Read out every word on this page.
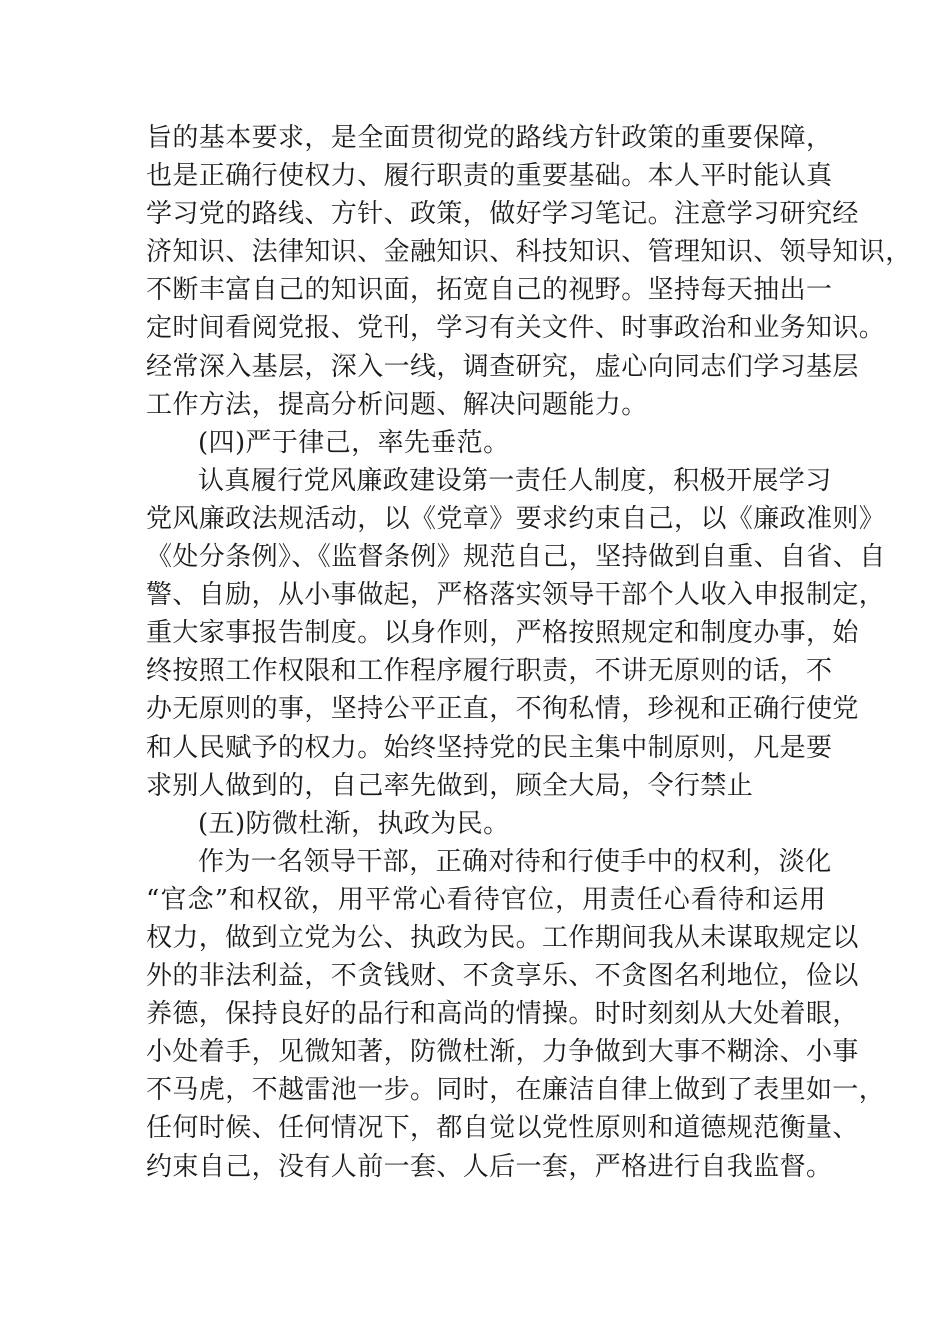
旨的基本要求，是全面贯彻党的路线方针政策的重要保障，
也是正确行使权力、履行职责的重要基础。本人平时能认真
学习党的路线、方针、政策，做好学习笔记。注意学习研究经
济知识、法律知识、金融知识、科技知识、管理知识、领导知识，
不断丰富自己的知识面，拓宽自己的视野。坚持每天抽出一
定时间看阅党报、党刊，学习有关文件、时事政治和业务知识。
经常深入基层，深入一线，调查研究，虚心向同志们学习基层
工作方法，提高分析问题、解决问题能力。
(四)严于律己，率先垂范。
认真履行党风廉政建设第一责任人制度，积极开展学习
党风廉政法规活动，以《党章》要求约束自己，以《廉政准则》
《处分条例》、《监督条例》规范自己，坚持做到自重、自省、自
警、自励，从小事做起，严格落实领导干部个人收入申报制定，
重大家事报告制度。以身作则，严格按照规定和制度办事，始
终按照工作权限和工作程序履行职责，不讲无原则的话，不
办无原则的事，坚持公平正直，不徇私情，珍视和正确行使党
和人民赋予的权力。始终坚持党的民主集中制原则，凡是要
求别人做到的，自己率先做到，顾全大局，令行禁止
(五)防微杜渐，执政为民。
作为一名领导干部，正确对待和行使手中的权利，淡化
“官念”和权欲，用平常心看待官位，用责任心看待和运用
权力，做到立党为公、执政为民。工作期间我从未谋取规定以
外的非法利益，不贪钱财、不贪享乐、不贪图名利地位，俭以
养德，保持良好的品行和高尚的情操。时时刻刻从大处着眼，
小处着手，见微知著，防微杜渐，力争做到大事不糊涂、小事
不马虎，不越雷池一步。同时，在廉洁自律上做到了表里如一，
任何时候、任何情况下，都自觉以党性原则和道德规范衡量、
约束自己，没有人前一套、人后一套，严格进行自我监督。
